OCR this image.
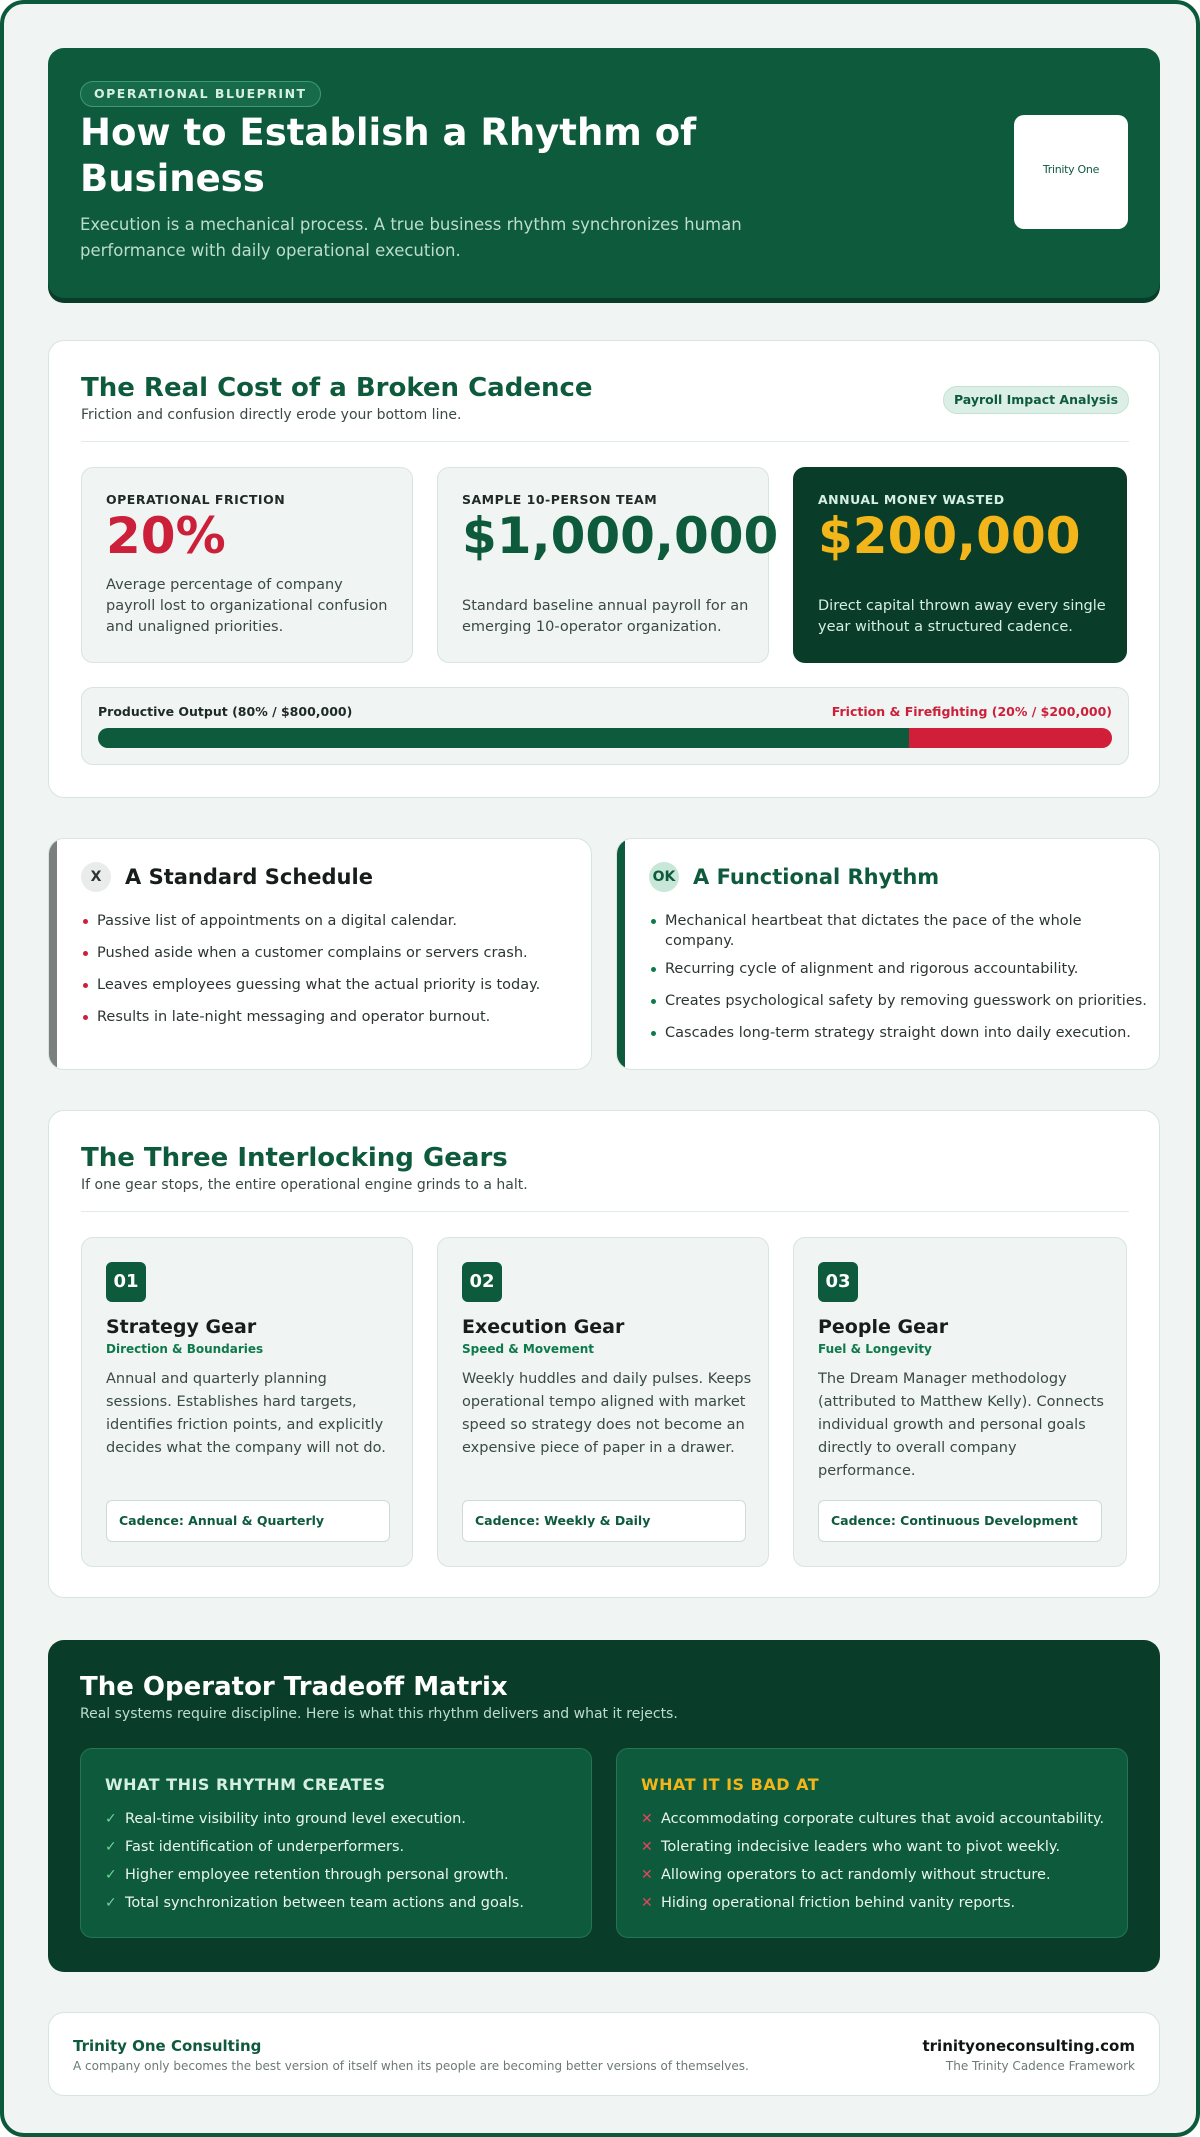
OPERATIONAL BLUEPRINT
How to Establish a Rhythm of Business
Execution is a mechanical process. A true business rhythm synchronizes human performance with daily operational execution.
Trinity One
The Real Cost of a Broken Cadence
Friction and confusion directly erode your bottom line.
Payroll Impact Analysis
OPERATIONAL FRICTION
20%
Average percentage of company payroll lost to organizational confusion and unaligned priorities.
SAMPLE 10-PERSON TEAM
$1,000,000
Standard baseline annual payroll for an emerging 10-operator organization.
ANNUAL MONEY WASTED
$200,000
Direct capital thrown away every single year without a structured cadence.
Productive Output (80% / $800,000)	Friction & Firefighting (20% / $200,000)
X	A Standard Schedule
Passive list of appointments on a digital calendar.
Pushed aside when a customer complains or servers crash.
Leaves employees guessing what the actual priority is today.
Results in late-night messaging and operator burnout.
OK A Functional Rhythm
Mechanical heartbeat that dictates the pace of the whole company.
Recurring cycle of alignment and rigorous accountability.
Creates psychological safety by removing guesswork on priorities.
Cascades long-term strategy straight down into daily execution.
The Three Interlocking Gears
If one gear stops, the entire operational engine grinds to a halt.
01
Strategy Gear
Direction & Boundaries
Annual and quarterly planning sessions. Establishes hard targets, identifies friction points, and explicitly decides what the company will not do.
Cadence: Annual & Quarterly
02
Execution Gear
Speed & Movement
Weekly huddles and daily pulses. Keeps operational tempo aligned with market speed so strategy does not become an expensive piece of paper in a drawer.
Cadence: Weekly & Daily
03
People Gear
Fuel & Longevity
The Dream Manager methodology (attributed to Matthew Kelly). Connects individual growth and personal goals directly to overall company performance.
Cadence: Continuous Development
The Operator Tradeoff Matrix
Real systems require discipline. Here is what this rhythm delivers and what it rejects.
WHAT THIS RHYTHM CREATES
✓ Real-time visibility into ground level execution.
✓ Fast identification of underperformers.
✓ Higher employee retention through personal growth.
✓ Total synchronization between team actions and goals.
WHAT IT IS BAD AT
✕ Accommodating corporate cultures that avoid accountability.
✕ Tolerating indecisive leaders who want to pivot weekly.
✕ Allowing operators to act randomly without structure.
✕ Hiding operational friction behind vanity reports.
Trinity One Consulting
A company only becomes the best version of itself when its people are becoming better versions of themselves.
trinityoneconsulting.com
The Trinity Cadence Framework
